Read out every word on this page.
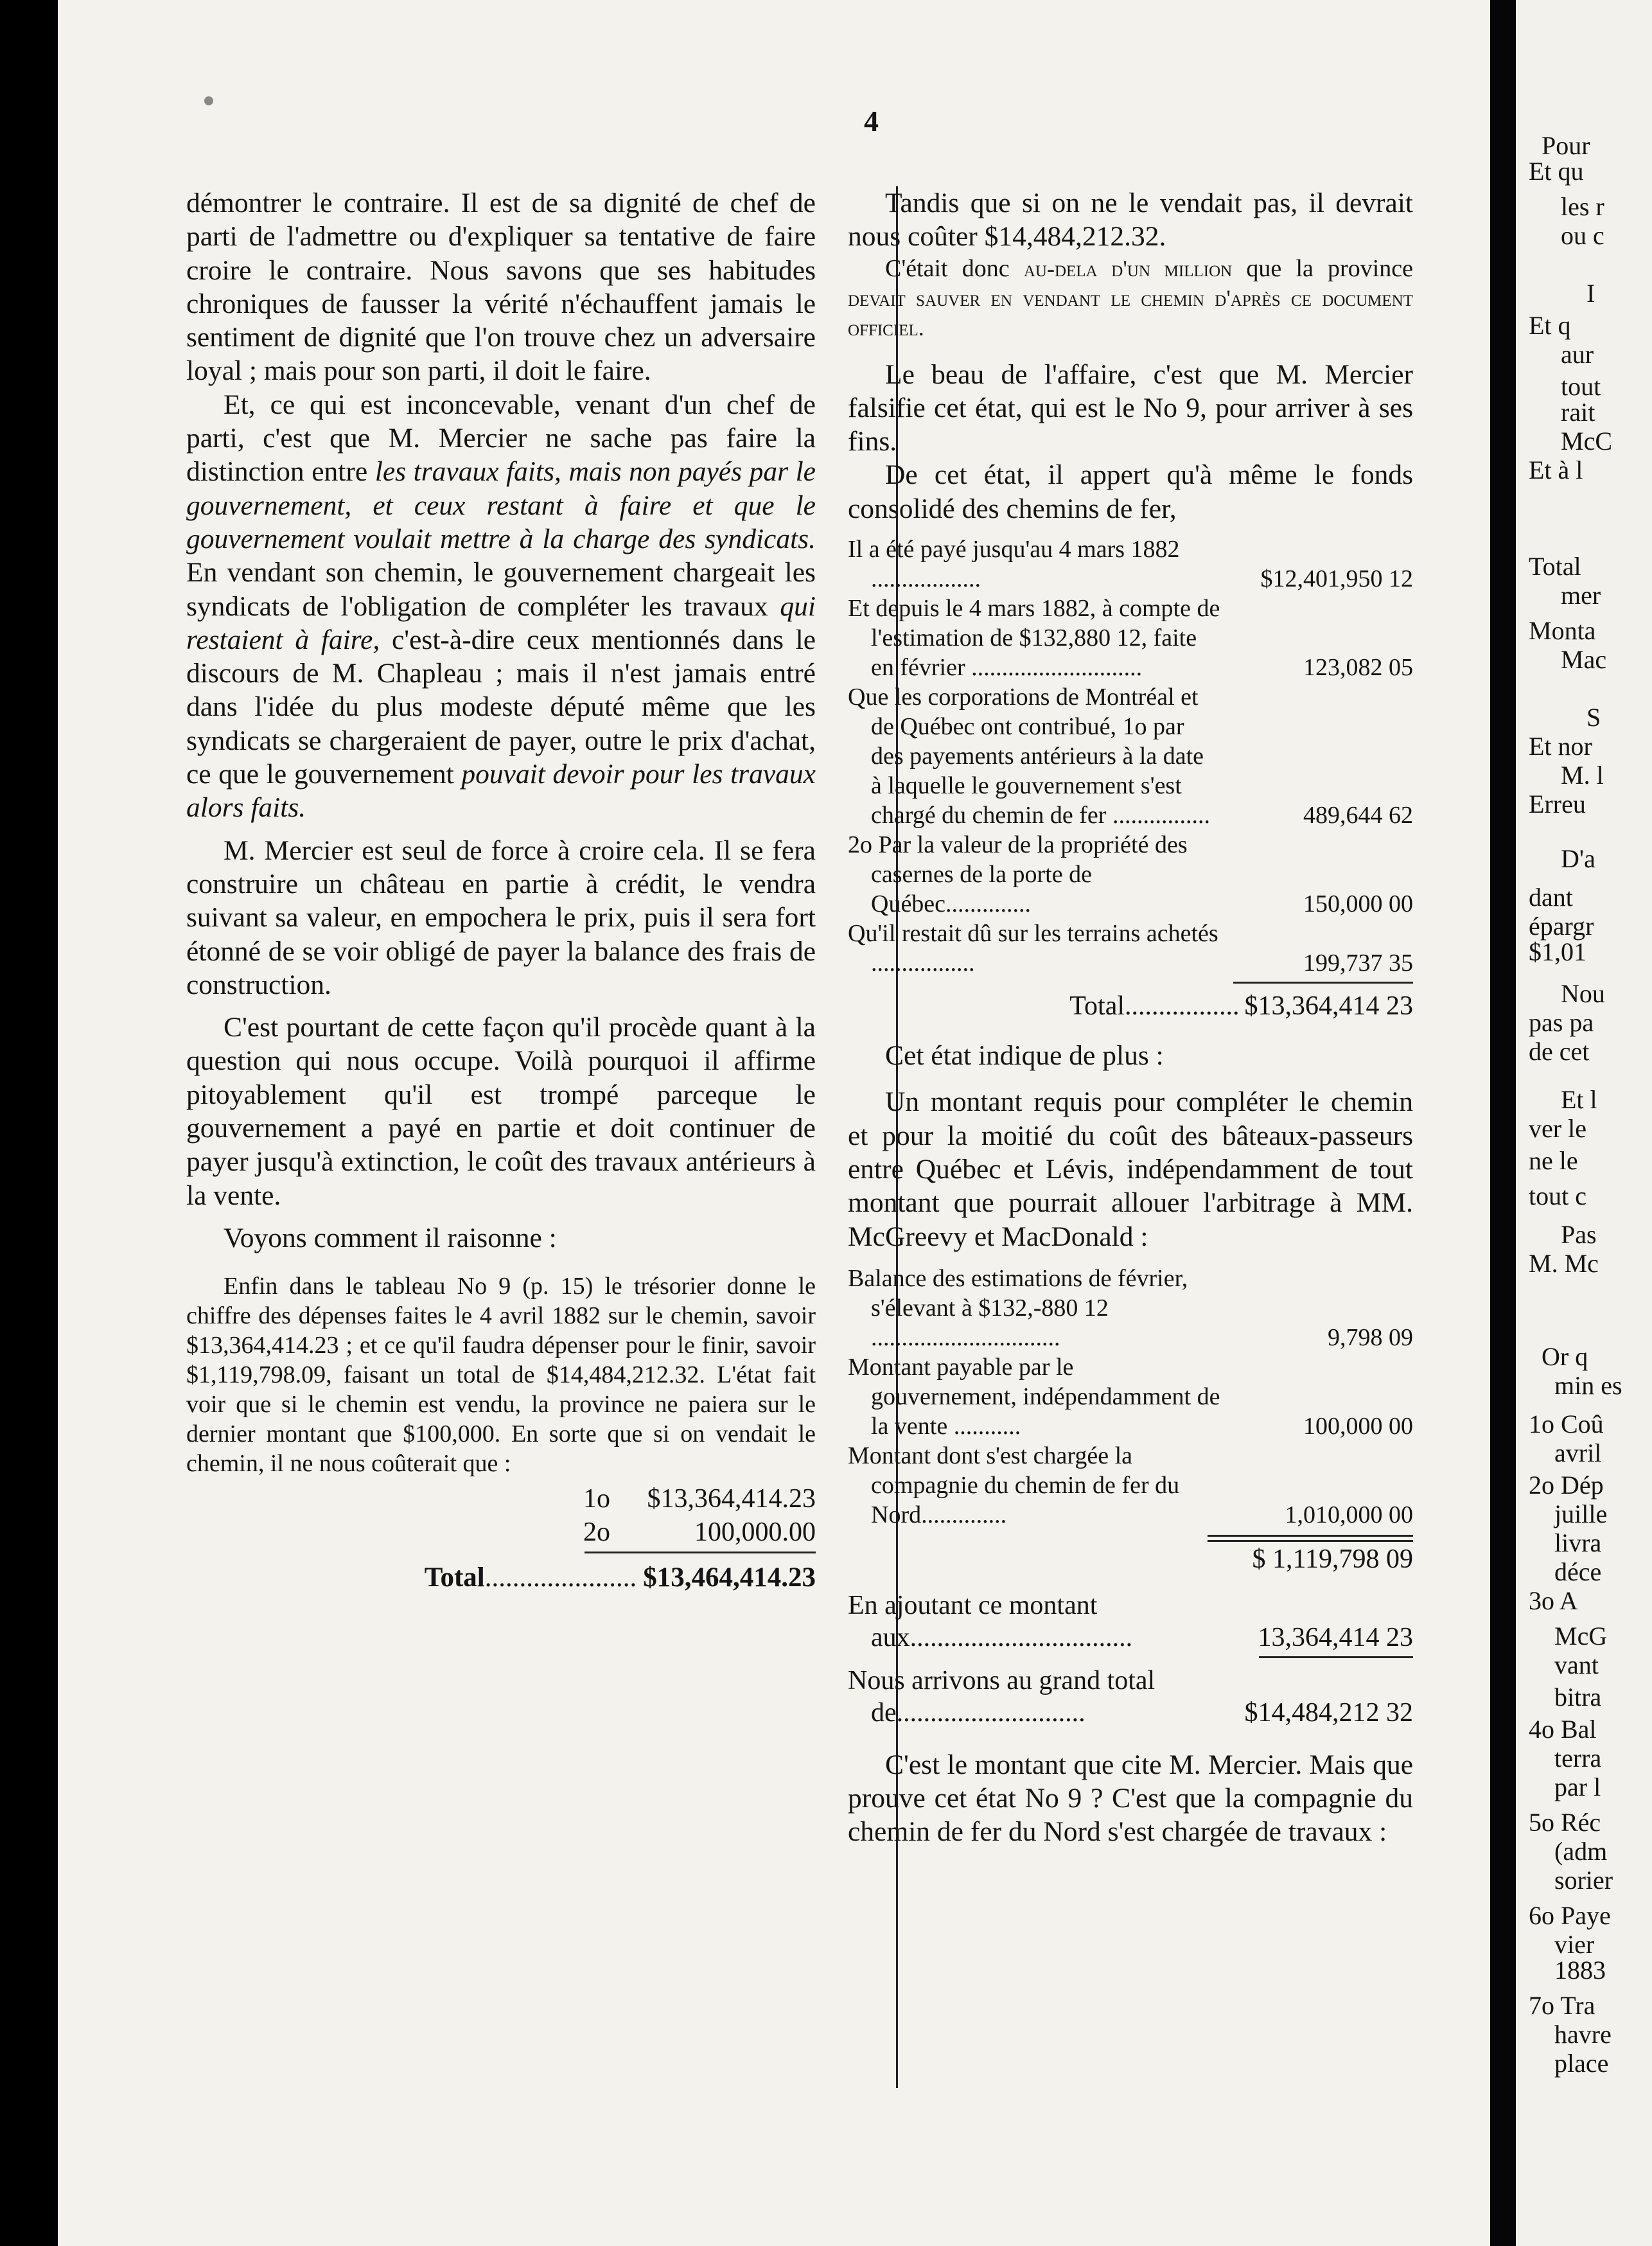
4

démontrer le contraire. Il est de sa dignité de chef de parti de l'admettre ou d'expliquer sa tentative de faire croire le contraire. Nous savons que ses habitudes chroniques de fausser la vérité n'échauffent jamais le sentiment de dignité que l'on trouve chez un adversaire loyal ; mais pour son parti, il doit le faire.

Et, ce qui est inconcevable, venant d'un chef de parti, c'est que M. Mercier ne sache pas faire la distinction entre les travaux faits, mais non payés par le gouvernement, et ceux restant à faire et que le gouvernement voulait mettre à la charge des syndicats. En vendant son chemin, le gouvernement chargeait les syndicats de l'obligation de compléter les travaux qui restaient à faire, c'est-à-dire ceux mentionnés dans le discours de M. Chapleau ; mais il n'est jamais entré dans l'idée du plus modeste député même que les syndicats se chargeraient de payer, outre le prix d'achat, ce que le gouvernement pouvait devoir pour les travaux alors faits.

M. Mercier est seul de force à croire cela. Il se fera construire un château en partie à crédit, le vendra suivant sa valeur, en empochera le prix, puis il sera fort étonné de se voir obligé de payer la balance des frais de construction.

C'est pourtant de cette façon qu'il procède quant à la question qui nous occupe. Voilà pourquoi il affirme pitoyablement qu'il est trompé parceque le gouvernement a payé en partie et doit continuer de payer jusqu'à extinction, le coût des travaux antérieurs à la vente.

Voyons comment il raisonne :

Enfin dans le tableau No 9 (p. 15) le trésorier donne le chiffre des dépenses faites le 4 avril 1882 sur le chemin, savoir $13,364,414.23 ; et ce qu'il faudra dépenser pour le finir, savoir $1,119,798.09, faisant un total de $14,484,212.32. L'état fait voir que si le chemin est vendu, la province ne paiera sur le dernier montant que $100,000. En sorte que si on vendait le chemin, il ne nous coûterait que :

1o	$13,364,414.23
2o	100,000.00
Total ...................... $13,464,414.23

Tandis que si on ne le vendait pas, il devrait nous coûter $14,484,212.32.

C'était donc au-dela d'un million que la province devait sauver en vendant le chemin d'après ce document officiel.

Le beau de l'affaire, c'est que M. Mercier falsifie cet état, qui est le No 9, pour arriver à ses fins.

De cet état, il appert qu'à même le fonds consolidé des chemins de fer,

Il a été payé jusqu'au 4 mars 1882 ..................	$12,401,950 12
Et depuis le 4 mars 1882, à compte de l'estimation de $132,880 12, faite en février ............................	123,082 05
Que les corporations de Montréal et de Québec ont contribué, 1o par des payements antérieurs à la date à laquelle le gouvernement s'est chargé du chemin de fer ................	489,644 62
2o Par la valeur de la propriété des casernes de la porte de Québec..............	150,000 00
Qu'il restait dû sur les terrains achetés .................	199,737 35
Total................. $13,364,414 23

Cet état indique de plus :

Un montant requis pour compléter le chemin et pour la moitié du coût des bâteaux-passeurs entre Québec et Lévis, indépendamment de tout montant que pourrait allouer l'arbitrage à MM. McGreevy et MacDonald :

Balance des estimations de février, s'élevant à $132,-880 12 ...............................	9,798 09
Montant payable par le gouvernement, indépendamment de la vente ...........	100,000 00
Montant dont s'est chargée la compagnie du chemin de fer du Nord..............	1,010,000 00
$ 1,119,798 09
En ajoutant ce montant aux.................................	13,364,414 23
Nous arrivons au grand total de............................	$14,484,212 32

C'est le montant que cite M. Mercier. Mais que prouve cet état No 9 ? C'est que la compagnie du chemin de fer du Nord s'est chargée de travaux :

Pour
Et qu
les r
ou c
I
Et q
aur
tout
rait
McC
Et à l
Total
mer
Monta
Mac
S
Et nor
M. l
Erreu
D'a
dant
épargr
$1,01
Nou
pas pa
de cet
Et l
ver le
ne le
tout c
Pas
M. Mc
Or q
min es
1o Coû
avril
2o Dép
juille
livra
déce
3o A
McG
vant
bitra
4o Bal
terra
par l
5o Réc
(adm
sorier
6o Paye
vier
1883
7o Tra
havre
place
